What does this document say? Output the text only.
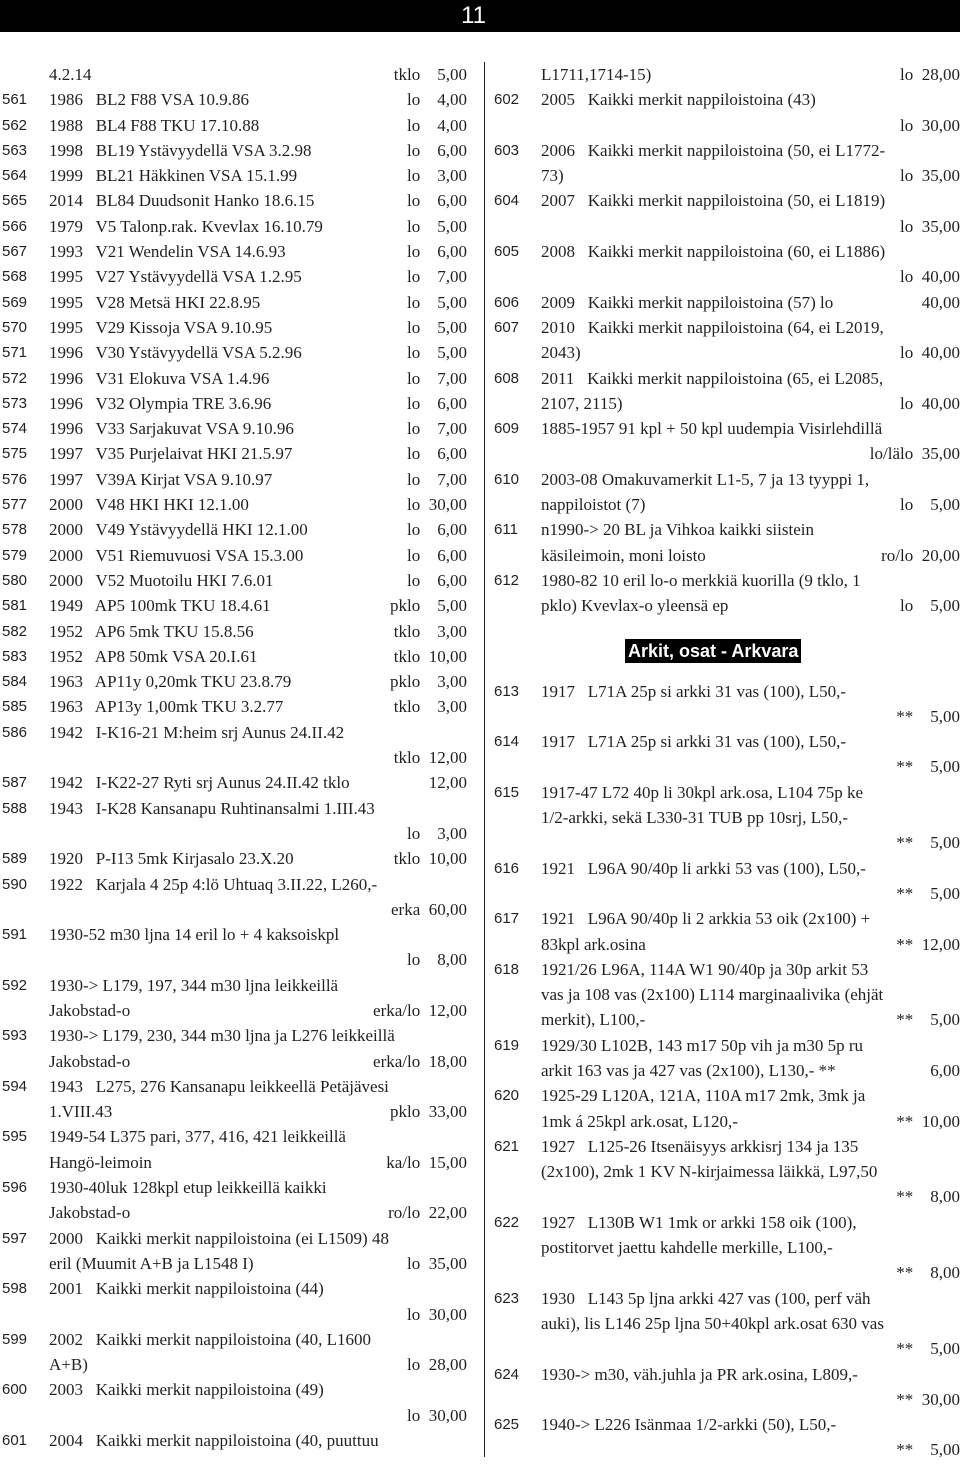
11
4.2.14	tklo    5,00
561	1986   BL2 F88 VSA 10.9.86	lo    4,00
562	1988   BL4 F88 TKU 17.10.88	lo    4,00
563	1998   BL19 Ystävyydellä VSA 3.2.98	lo    6,00
564	1999   BL21 Häkkinen VSA 15.1.99	lo    3,00
565	2014   BL84 Duudsonit Hanko 18.6.15	lo    6,00
566	1979   V5 Talonp.rak. Kvevlax 16.10.79	lo    5,00
567	1993   V21 Wendelin VSA 14.6.93	lo    6,00
568	1995   V27 Ystävyydellä VSA 1.2.95	lo    7,00
569	1995   V28 Metsä HKI 22.8.95	lo    5,00
570	1995   V29 Kissoja VSA 9.10.95	lo    5,00
571	1996   V30 Ystävyydellä VSA 5.2.96	lo    5,00
572	1996   V31 Elokuva VSA 1.4.96	lo    7,00
573	1996   V32 Olympia TRE 3.6.96	lo    6,00
574	1996   V33 Sarjakuvat VSA 9.10.96	lo    7,00
575	1997   V35 Purjelaivat HKI 21.5.97	lo    6,00
576	1997   V39A Kirjat VSA 9.10.97	lo    7,00
577	2000   V48 HKI HKI 12.1.00	lo  30,00
578	2000   V49 Ystävyydellä HKI 12.1.00	lo    6,00
579	2000   V51 Riemuvuosi VSA 15.3.00	lo    6,00
580	2000   V52 Muotoilu HKI 7.6.01	lo    6,00
581	1949   AP5 100mk TKU 18.4.61	pklo    5,00
582	1952   AP6 5mk TKU 15.8.56	tklo    3,00
583	1952   AP8 50mk VSA 20.I.61	tklo  10,00
584	1963   AP11y 0,20mk TKU 23.8.79	pklo    3,00
585	1963   AP13y 1,00mk TKU 3.2.77	tklo    3,00
586	1942   I-K16-21 M:heim srj Aunus 24.II.42
tklo  12,00
587	1942   I-K22-27 Ryti srj Aunus 24.II.42 tklo	12,00
588	1943   I-K28 Kansanapu Ruhtinansalmi 1.III.43
lo    3,00
589	1920   P-I13 5mk Kirjasalo 23.X.20	tklo  10,00
590	1922   Karjala 4 25p 4:lö Uhtuaq 3.II.22, L260,-
erka  60,00
591	1930-52 m30 ljna 14 eril lo + 4 kaksoiskpl
lo    8,00
592	1930-> L179, 197, 344 m30 ljna leikkeillä
Jakobstad-o	erka/lo  12,00
593	1930-> L179, 230, 344 m30 ljna ja L276 leikkeillä
Jakobstad-o	erka/lo  18,00
594	1943   L275, 276 Kansanapu leikkeellä Petäjävesi
1.VIII.43	pklo  33,00
595	1949-54 L375 pari, 377, 416, 421 leikkeillä
Hangö-leimoin	ka/lo  15,00
596	1930-40luk 128kpl etup leikkeillä kaikki
Jakobstad-o	ro/lo  22,00
597	2000   Kaikki merkit nappiloistoina (ei L1509) 48
eril (Muumit A+B ja L1548 I)	lo  35,00
598	2001   Kaikki merkit nappiloistoina (44)
lo  30,00
599	2002   Kaikki merkit nappiloistoina (40, L1600
A+B)	lo  28,00
600	2003   Kaikki merkit nappiloistoina (49)
lo  30,00
601	2004   Kaikki merkit nappiloistoina (40, puuttuu
L1711,1714-15)	lo  28,00
602	2005   Kaikki merkit nappiloistoina (43)
lo  30,00
603	2006   Kaikki merkit nappiloistoina (50, ei L1772-
73)	lo  35,00
604	2007   Kaikki merkit nappiloistoina (50, ei L1819)
lo  35,00
605	2008   Kaikki merkit nappiloistoina (60, ei L1886)
lo  40,00
606	2009   Kaikki merkit nappiloistoina (57) lo	40,00
607	2010   Kaikki merkit nappiloistoina (64, ei L2019,
2043)	lo  40,00
608	2011   Kaikki merkit nappiloistoina (65, ei L2085,
2107, 2115)	lo  40,00
609	1885-1957 91 kpl + 50 kpl uudempia Visirlehdillä
lo/lälo  35,00
610	2003-08 Omakuvamerkit L1-5, 7 ja 13 tyyppi 1,
nappiloistot (7)	lo    5,00
611	n1990-> 20 BL ja Vihkoa kaikki siistein
käsileimoin, moni loisto	ro/lo  20,00
612	1980-82 10 eril lo-o merkkiä kuorilla (9 tklo, 1
pklo) Kvevlax-o yleensä ep	lo    5,00
Arkit, osat - Arkvara
613	1917   L71A 25p si arkki 31 vas (100), L50,-
**    5,00
614	1917   L71A 25p si arkki 31 vas (100), L50,-
**    5,00
615	1917-47 L72 40p li 30kpl ark.osa, L104 75p ke
1/2-arkki, sekä L330-31 TUB pp 10srj, L50,-
**    5,00
616	1921   L96A 90/40p li arkki 53 vas (100), L50,-
**    5,00
617	1921   L96A 90/40p li 2 arkkia 53 oik (2x100) +
83kpl ark.osina	**  12,00
618	1921/26 L96A, 114A W1 90/40p ja 30p arkit 53
vas ja 108 vas (2x100) L114 marginaalivika (ehjät
merkit), L100,-	**    5,00
619	1929/30 L102B, 143 m17 50p vih ja m30 5p ru
arkit 163 vas ja 427 vas (2x100), L130,- **	6,00
620	1925-29 L120A, 121A, 110A m17 2mk, 3mk ja
1mk á 25kpl ark.osat, L120,-	**  10,00
621	1927   L125-26 Itsenäisyys arkkisrj 134 ja 135
(2x100), 2mk 1 KV N-kirjaimessa läikkä, L97,50
**    8,00
622	1927   L130B W1 1mk or arkki 158 oik (100),
postitorvet jaettu kahdelle merkille, L100,-
**    8,00
623	1930   L143 5p ljna arkki 427 vas (100, perf väh
auki), lis L146 25p ljna 50+40kpl ark.osat 630 vas
**    5,00
624	1930-> m30, väh.juhla ja PR ark.osina, L809,-
**  30,00
625	1940-> L226 Isänmaa 1/2-arkki (50), L50,-
**    5,00
